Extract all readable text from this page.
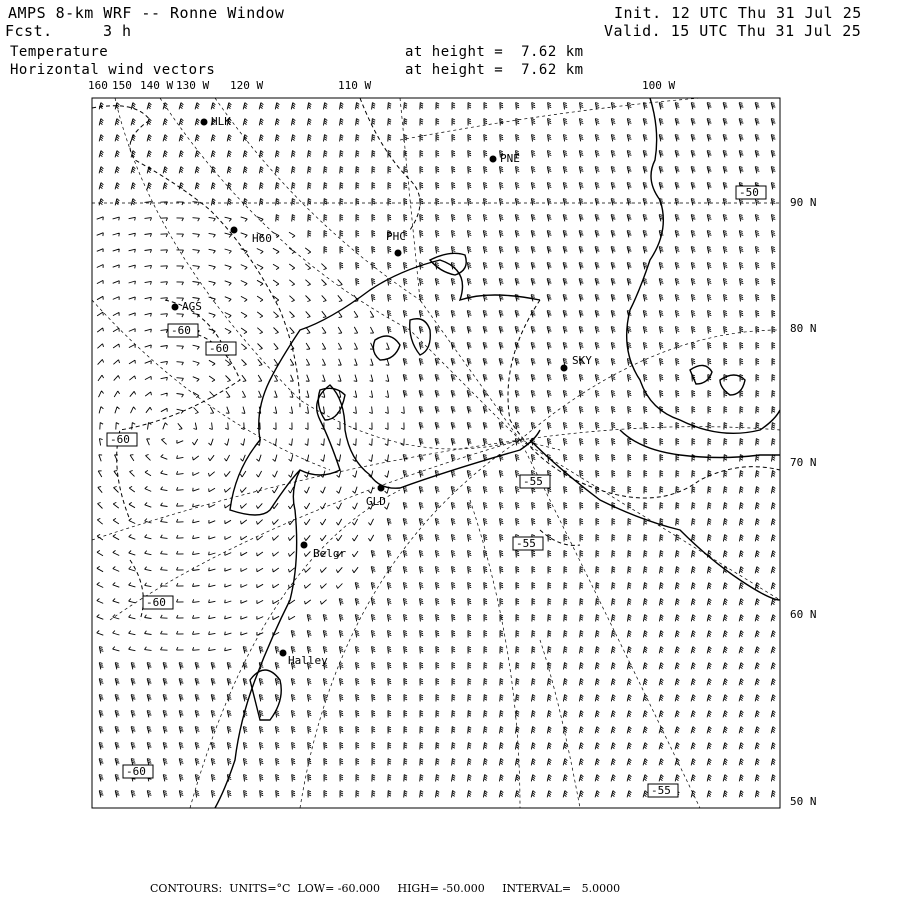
AMPS 8-km WRF -- Ronne Window
Fcst.	3 h
Init. 12 UTC Thu 31 Jul 25
Valid. 15 UTC Thu 31 Jul 25
Temperature
Horizontal wind vectors
at height =  7.62 km
at height =  7.62 km
160 150 140 W 130 W 120 W	110 W	100 W
90 N
80 N
70 N
60 N
50 N
HLK
PNE
H60	PHC
AGS
SKY
GLD
Belgr
Halley
-50
-60
-60
-60
-55
-55
-60
-60
-55
CONTOURS:  UNITS=°C  LOW= -60.000     HIGH= -50.000     INTERVAL=   5.0000
